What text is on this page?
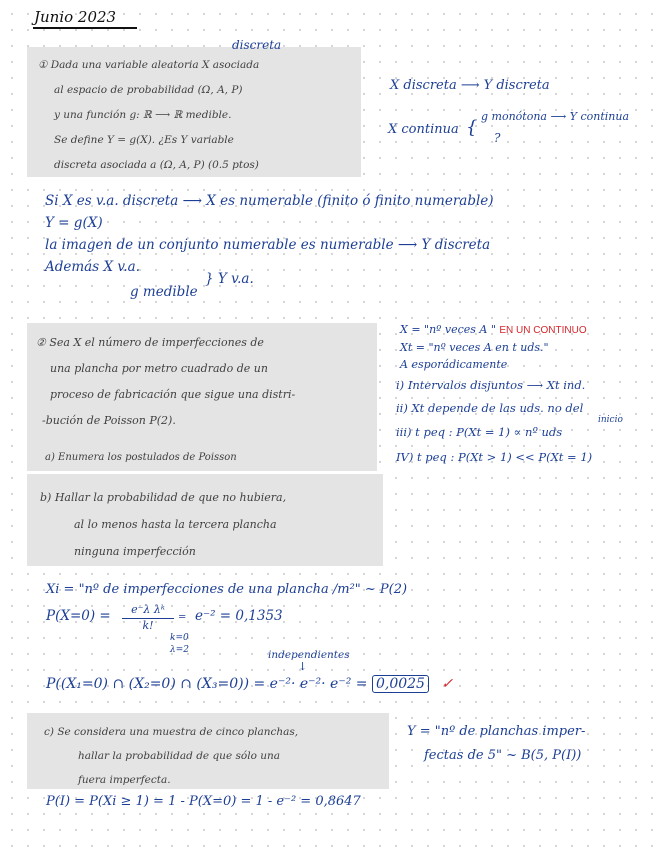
Junio 2023
discreta
① Dada una variable aleatoria X asociada
al espacio de probabilidad (Ω, A, P)
y una función g: ℝ ⟶ ℝ medible.
Se define Y = g(X). ¿Es Y variable
discreta asociada a (Ω, A, P) (0.5 ptos)
X discreta ⟶ Y discreta
X continua {
g monótona ⟶ Y continua
?
Si X es v.a. discreta ⟶ X es numerable (finito ó finito numerable)
Y = g(X)
la imagen de un conjunto numerable es numerable ⟶ Y discreta
Además X v.a.
g medible
} Y v.a.
② Sea X el número de imperfecciones de
una plancha por metro cuadrado de un
proceso de fabricación que sigue una distri-
-bución de Poisson P(2).
a) Enumera los postulados de Poisson
X = "nº veces A " EN UN CONTINUO
Xt = "nº veces A en t uds."
A esporádicamente
i) Intervalos disjuntos ⟶ Xt ind.
ii) Xt depende de las uds. no del
inicio
iii) t peq : P(Xt = 1) ∝ nº uds
IV) t peq : P(Xt > 1) << P(Xt = 1)
b) Hallar la probabilidad de que no hubiera,
al lo menos hasta la tercera plancha
ninguna imperfección
Xi = "nº de imperfecciones de una plancha /m²" ~ P(2)
P(X=0) =	e⁻λ λᵏ
k!
= e⁻² = 0,1353
k=0
λ=2	independientes
↓
P((X₁=0) ∩ (X₂=0) ∩ (X₃=0)) = e⁻²· e⁻²· e⁻² = 0,0025 ✓
c) Se considera una muestra de cinco planchas,
hallar la probabilidad de que sólo una
fuera imperfecta.
Y = "nº de planchas imper-
fectas de 5" ~ B(5, P(I))
P(I) = P(Xi ≥ 1) = 1 - P(X=0) = 1 - e⁻² = 0,8647
